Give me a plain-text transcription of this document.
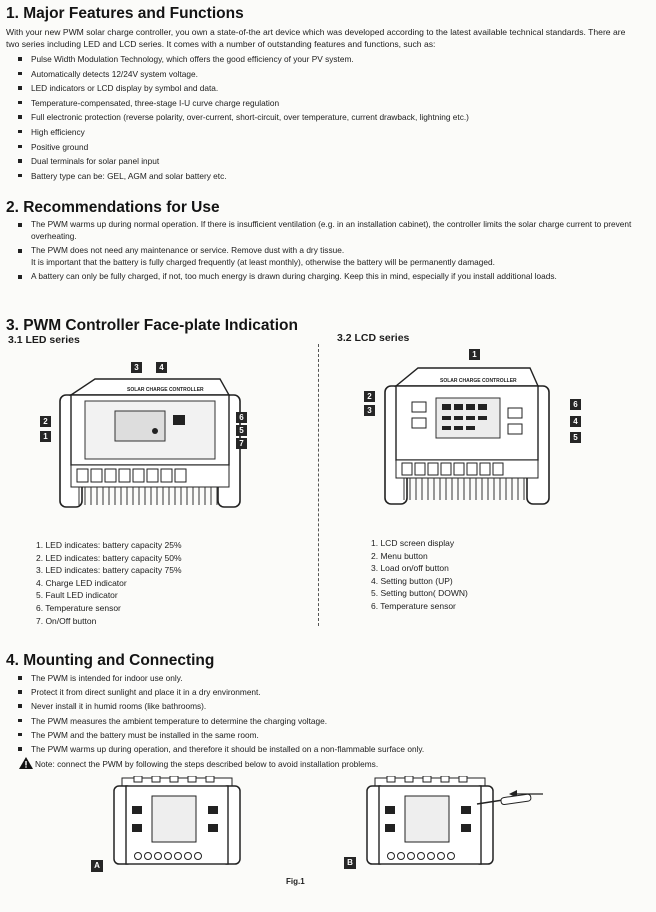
1. Major Features and Functions
With your new PWM solar charge controller, you own a state-of-the art device which was developed according to the latest available technical standards. There are two series including LED and LCD series. It comes with a number of outstanding features and functions, such as:
Pulse Width Modulation Technology, which offers the good efficiency of your PV system.
Automatically detects 12/24V system voltage.
LED indicators or LCD display by symbol and data.
Temperature-compensated, three-stage I-U curve charge regulation
Full electronic protection (reverse polarity, over-current, short-circuit, over temperature, current drawback, lightning etc.)
High efficiency
Positive ground
Dual terminals for solar panel input
Battery type can be: GEL, AGM and solar battery etc.
2. Recommendations for Use
The PWM warms up during normal operation. If there is insufficient ventilation (e.g. in an installation cabinet), the controller limits the solar charge current to prevent overheating.
The PWM does not need any maintenance or service. Remove dust with a dry tissue.
It is important that the battery is fully charged frequently (at least monthly), otherwise the battery will be permanently damaged.
A battery can only be fully charged, if not, too much energy is drawn during charging. Keep this in mind, especially if you install additional loads.
3. PWM Controller Face-plate Indication
3.1 LED series	3.2 LCD series
SOLAR CHARGE CONTROLLER
3	4
2
1
6
5
7
1. LED indicates: battery capacity 25%
2. LED indicates: battery capacity 50%
3. LED indicates: battery capacity 75%
4. Charge LED indicator
5. Fault LED indicator
6. Temperature sensor
7. On/Off button
SOLAR CHARGE CONTROLLER
1
2
3
6
4
5
1. LCD screen display
2. Menu button
3. Load on/off button
4. Setting button (UP)
5. Setting button( DOWN)
6. Temperature sensor
4. Mounting and Connecting
The PWM is intended for indoor use only.
Protect it from direct sunlight and place it in a dry environment.
Never install it in humid rooms (like bathrooms).
The PWM measures the ambient temperature to determine the charging voltage.
The PWM and the battery must be installed in the same room.
The PWM warms up during operation, and therefore it should be installed on a non-flammable surface only.
Note: connect the PWM by following the steps described below to avoid installation problems.
A	B
Fig.1
